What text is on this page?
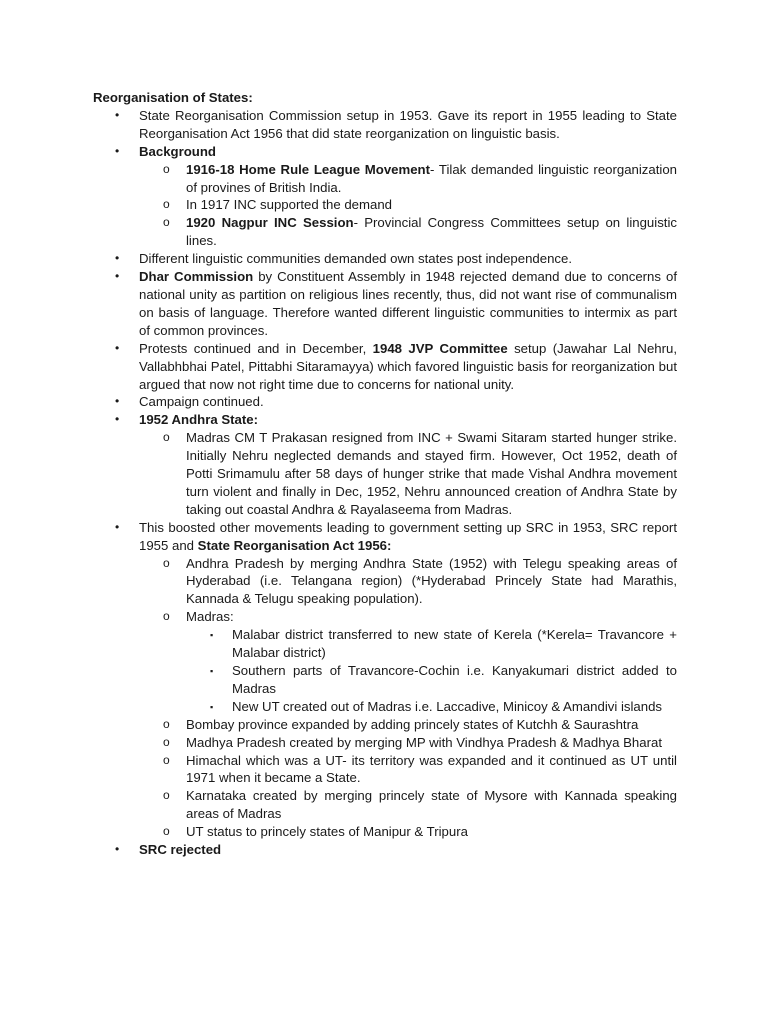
Reorganisation of States:

• State Reorganisation Commission setup in 1953. Gave its report in 1955 leading to State Reorganisation Act 1956 that did state reorganization on linguistic basis.
• Background
o 1916-18 Home Rule League Movement- Tilak demanded linguistic reorganization of provines of British India.
o In 1917 INC supported the demand
o 1920 Nagpur INC Session- Provincial Congress Committees setup on linguistic lines.
• Different linguistic communities demanded own states post independence.
• Dhar Commission by Constituent Assembly in 1948 rejected demand due to concerns of national unity as partition on religious lines recently, thus, did not want rise of communalism on basis of language. Therefore wanted different linguistic communities to intermix as part of common provinces.
• Protests continued and in December, 1948 JVP Committee setup (Jawahar Lal Nehru, Vallabhbhai Patel, Pittabhi Sitaramayya) which favored linguistic basis for reorganization but argued that now not right time due to concerns for national unity.
• Campaign continued.
• 1952 Andhra State:
o Madras CM T Prakasan resigned from INC + Swami Sitaram started hunger strike. Initially Nehru neglected demands and stayed firm. However, Oct 1952, death of Potti Srimamulu after 58 days of hunger strike that made Vishal Andhra movement turn violent and finally in Dec, 1952, Nehru announced creation of Andhra State by taking out coastal Andhra & Rayalaseema from Madras.
• This boosted other movements leading to government setting up SRC in 1953, SRC report 1955 and State Reorganisation Act 1956:
o Andhra Pradesh by merging Andhra State (1952) with Telegu speaking areas of Hyderabad (i.e. Telangana region) (*Hyderabad Princely State had Marathis, Kannada & Telugu speaking population).
o Madras:
▪ Malabar district transferred to new state of Kerela (*Kerela= Travancore + Malabar district)
▪ Southern parts of Travancore-Cochin i.e. Kanyakumari district added to Madras
▪ New UT created out of Madras i.e. Laccadive, Minicoy & Amandivi islands
o Bombay province expanded by adding princely states of Kutchh & Saurashtra
o Madhya Pradesh created by merging MP with Vindhya Pradesh & Madhya Bharat
o Himachal which was a UT- its territory was expanded and it continued as UT until 1971 when it became a State.
o Karnataka created by merging princely state of Mysore with Kannada speaking areas of Madras
o UT status to princely states of Manipur & Tripura
• SRC rejected
